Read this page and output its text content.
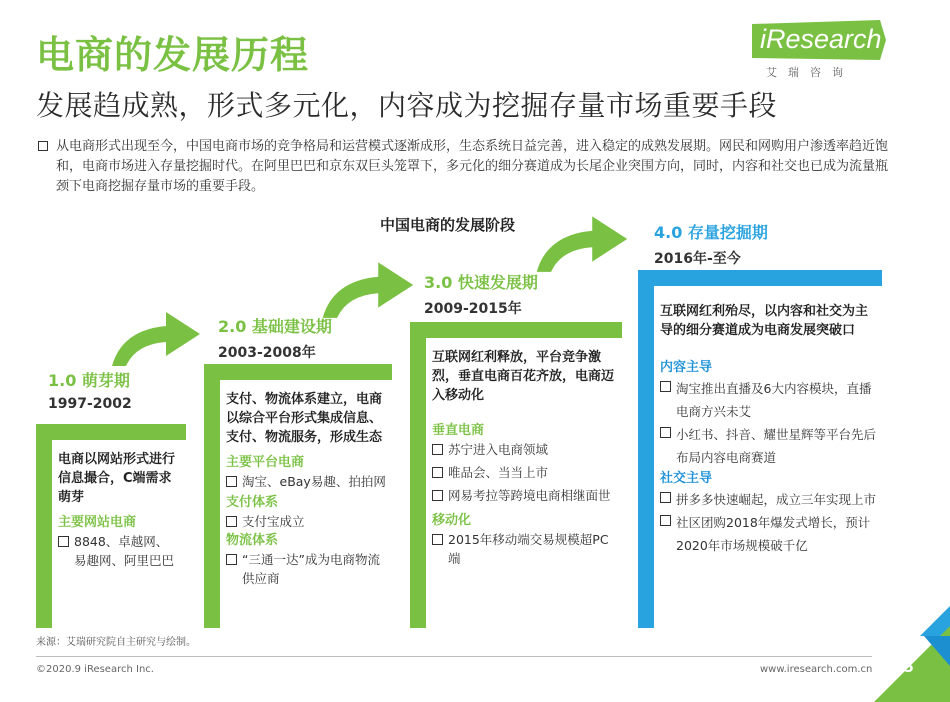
电商的发展历程
发展趋成熟，形式多元化，内容成为挖掘存量市场重要手段
iResearch
艾瑞咨询

从电商形式出现至今，中国电商市场的竞争格局和运营模式逐渐成形，生态系统日益完善，进入稳定的成熟发展期。网民和网购用户渗透率趋近饱和，电商市场进入存量挖掘时代。在阿里巴巴和京东双巨头笼罩下，多元化的细分赛道成为长尾企业突围方向，同时，内容和社交也已成为流量瓶颈下电商挖掘存量市场的重要手段。

中国电商的发展阶段
1.0 萌芽期
1997-2002
2.0 基础建设期
2003-2008年
3.0 快速发展期
2009-2015年
4.0 存量挖掘期
2016年-至今
电商以网站形式进行信息撮合，C端需求萌芽
主要网站电商
8848、卓越网、易趣网、阿里巴巴
支付、物流体系建立，电商以综合平台形式集成信息、支付、物流服务，形成生态
主要平台电商
淘宝、eBay易趣、拍拍网
支付体系
支付宝成立
物流体系
“三通一达”成为电商物流供应商
互联网红利释放，平台竞争激烈，垂直电商百花齐放，电商迈入移动化
垂直电商
苏宁进入电商领域
唯品会、当当上市
网易考拉等跨境电商相继面世
移动化
2015年移动端交易规模超PC端
互联网红利殆尽，以内容和社交为主导的细分赛道成为电商发展突破口
内容主导
淘宝推出直播及6大内容模块，直播电商方兴未艾
小红书、抖音、耀世星辉等平台先后布局内容电商赛道
社交主导
拼多多快速崛起，成立三年实现上市
社区团购2018年爆发式增长，预计2020年市场规模破千亿
来源：艾瑞研究院自主研究与绘制。
©2020.9 iResearch Inc.	www.iresearch.com.cn 5
